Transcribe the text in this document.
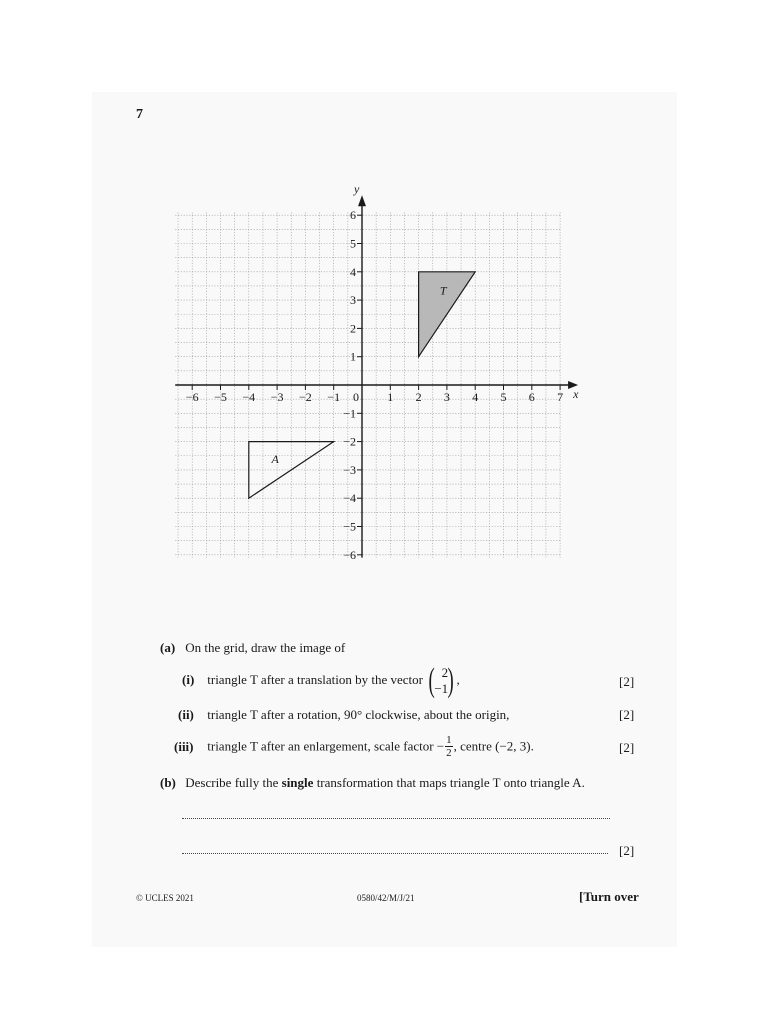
7
T
A
x
y
−6 −5 −4 −3 −2 −1	1 2 3 4 5 6 7
0
−6
−5
−4
−3
−2
−1
1
2
3
4
5
6
(a) On the grid, draw the image of
(i) triangle T after a translation by the vector ( 2
−1 ) ,	[2]
(ii) triangle T after a rotation, 90° clockwise, about the origin,	[2]
(iii) triangle T after an enlargement, scale factor − $\frac{1}{2}$ , centre (−2, 3).	[2]
(b) Describe fully the single transformation that maps triangle T onto triangle A.
[2]
© UCLES 2021	0580/42/M/J/21	[Turn over
